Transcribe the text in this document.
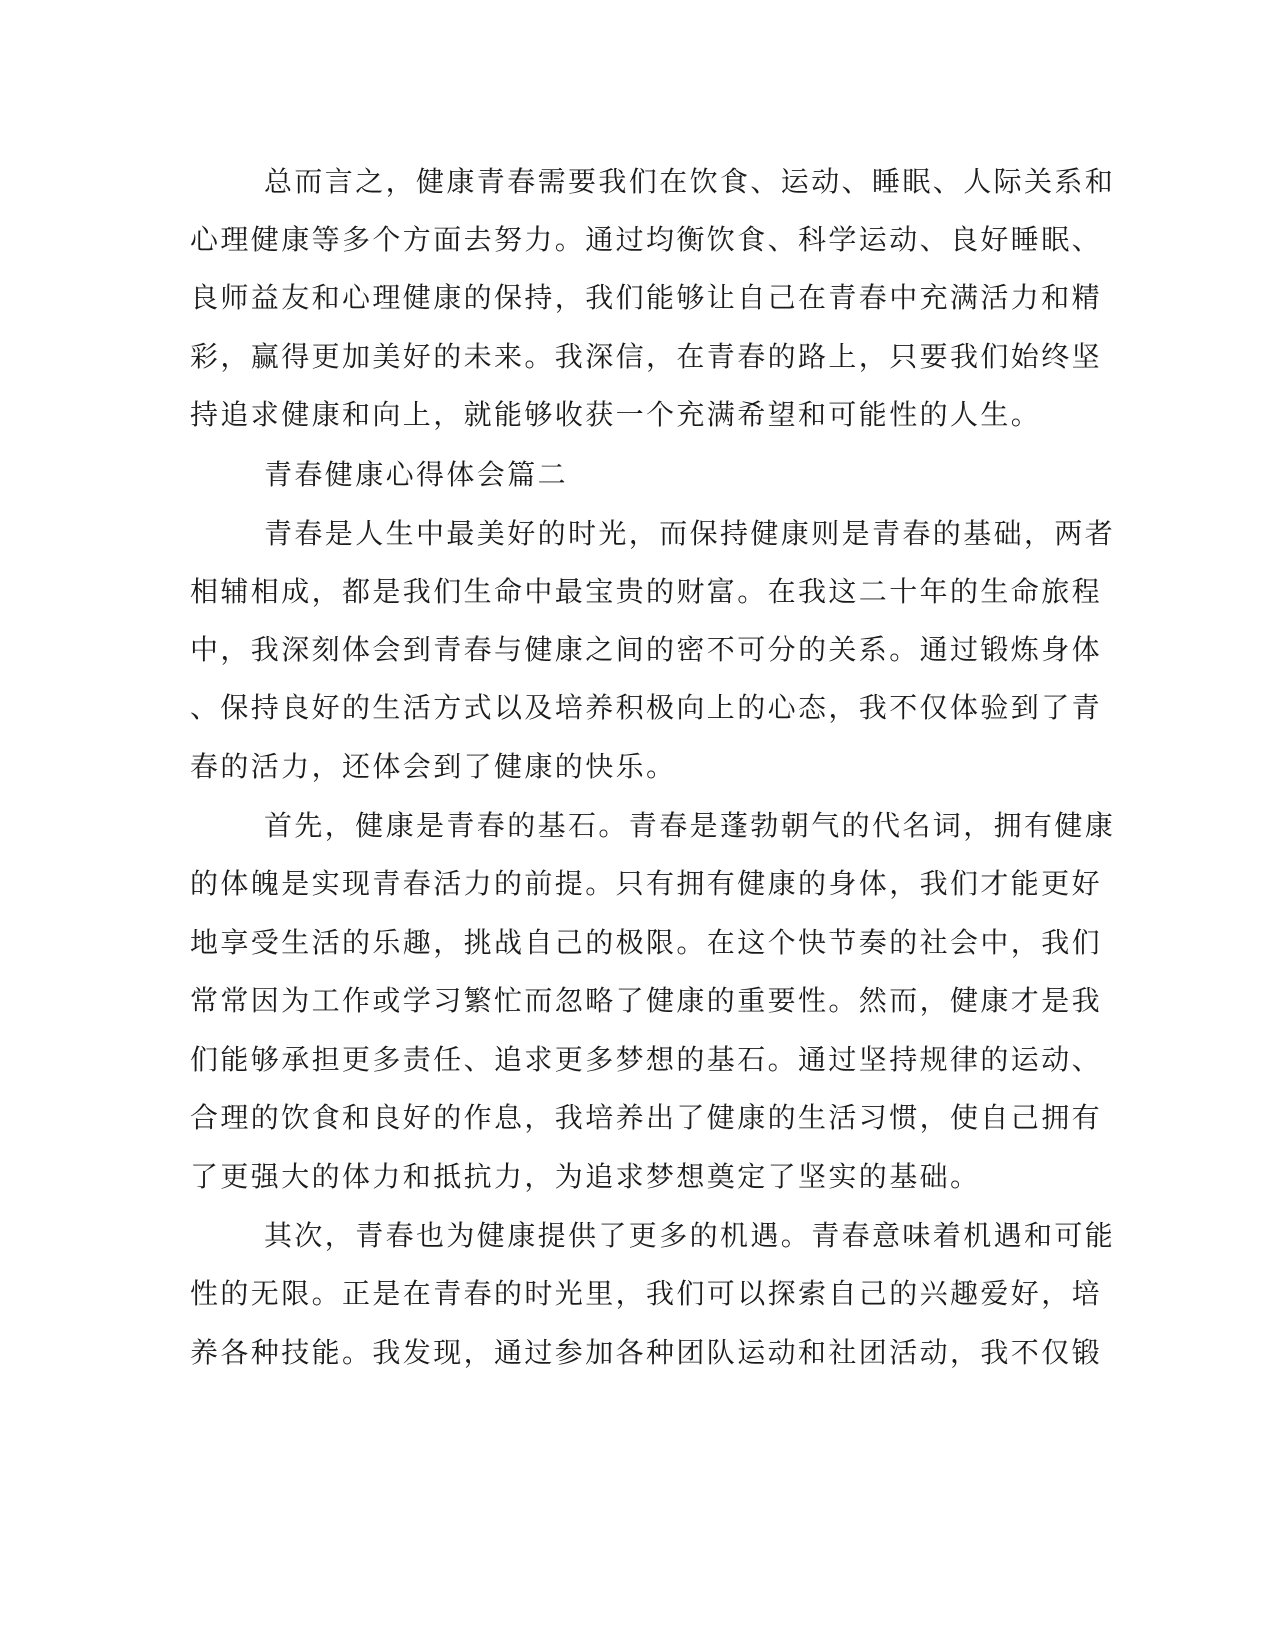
总而言之，健康青春需要我们在饮食、运动、睡眠、人际关系和
心理健康等多个方面去努力。通过均衡饮食、科学运动、良好睡眠、
良师益友和心理健康的保持，我们能够让自己在青春中充满活力和精
彩，赢得更加美好的未来。我深信，在青春的路上，只要我们始终坚
持追求健康和向上，就能够收获一个充满希望和可能性的人生。
青春健康心得体会篇二
青春是人生中最美好的时光，而保持健康则是青春的基础，两者
相辅相成，都是我们生命中最宝贵的财富。在我这二十年的生命旅程
中，我深刻体会到青春与健康之间的密不可分的关系。通过锻炼身体
、保持良好的生活方式以及培养积极向上的心态，我不仅体验到了青
春的活力，还体会到了健康的快乐。
首先，健康是青春的基石。青春是蓬勃朝气的代名词，拥有健康
的体魄是实现青春活力的前提。只有拥有健康的身体，我们才能更好
地享受生活的乐趣，挑战自己的极限。在这个快节奏的社会中，我们
常常因为工作或学习繁忙而忽略了健康的重要性。然而，健康才是我
们能够承担更多责任、追求更多梦想的基石。通过坚持规律的运动、
合理的饮食和良好的作息，我培养出了健康的生活习惯，使自己拥有
了更强大的体力和抵抗力，为追求梦想奠定了坚实的基础。
其次，青春也为健康提供了更多的机遇。青春意味着机遇和可能
性的无限。正是在青春的时光里，我们可以探索自己的兴趣爱好，培
养各种技能。我发现，通过参加各种团队运动和社团活动，我不仅锻
